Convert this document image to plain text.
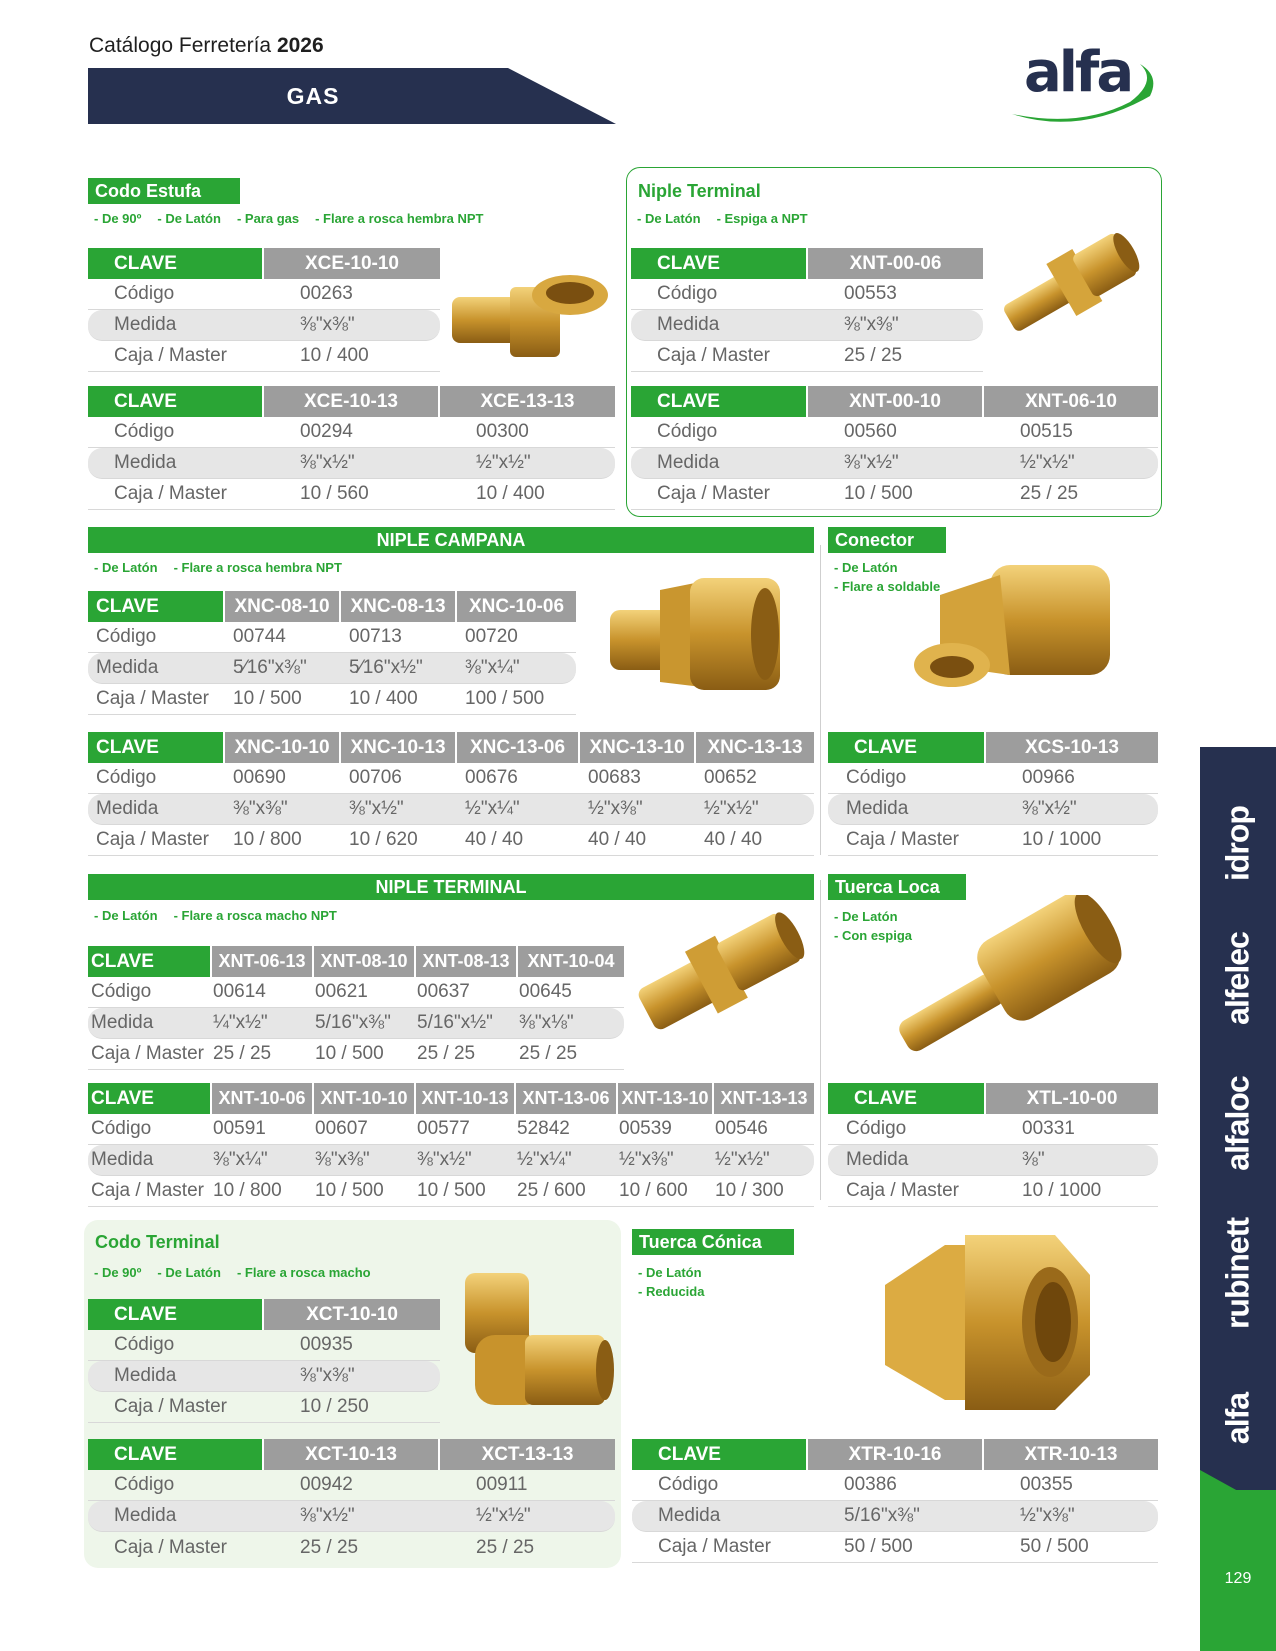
Catálogo Ferretería 2026
GAS	alfa
Codo Estufa
- De 90º - De Latón - Para gas - Flare a rosca hembra NPT
CLAVE	XCE-10-10
Código	00263
Medida	⅜"x⅜"
Caja / Master	10 / 400
CLAVE	XCE-10-13	XCE-13-13
Código	00294	00300
Medida	⅜"x½"	½"x½"
Caja / Master	10 / 560	10 / 400
Niple Terminal
- De Latón - Espiga a NPT
CLAVE	XNT-00-06
Código	00553
Medida	⅜"x⅜"
Caja / Master	25 / 25
CLAVE	XNT-00-10	XNT-06-10
Código	00560	00515
Medida	⅜"x½"	½"x½"
Caja / Master	10 / 500	25 / 25
NIPLE CAMPANA
- De Latón - Flare a rosca hembra NPT
CLAVE	XNC-08-10	XNC-08-13	XNC-10-06
Código	00744	00713	00720
Medida	5⁄16"x⅜"	5⁄16"x½"	⅜"x¼"
Caja / Master	10 / 500	10 / 400	100 / 500
CLAVE	XNC-10-10	XNC-10-13	XNC-13-06	XNC-13-10	XNC-13-13
Código	00690	00706	00676	00683	00652
Medida	⅜"x⅜"	⅜"x½"	½"x¼"	½"x⅜"	½"x½"
Caja / Master	10 / 800	10 / 620	40 / 40	40 / 40	40 / 40
Conector
- De Latón
- Flare a soldable
CLAVE	XCS-10-13
Código	00966
Medida	⅜"x½"
Caja / Master	10 / 1000
NIPLE TERMINAL
- De Latón - Flare a rosca macho NPT
CLAVE	XNT-06-13	XNT-08-10	XNT-08-13	XNT-10-04
Código	00614	00621	00637	00645
Medida	¼"x½"	5/16"x⅜"	5/16"x½"	⅜"x⅛"
Caja / Master	25 / 25	10 / 500	25 / 25	25 / 25
CLAVE	XNT-10-06	XNT-10-10	XNT-10-13	XNT-13-06	XNT-13-10	XNT-13-13
Código	00591	00607	00577	52842	00539	00546
Medida	⅜"x¼"	⅜"x⅜"	⅜"x½"	½"x¼"	½"x⅜"	½"x½"
Caja / Master	10 / 800	10 / 500	10 / 500	25 / 600	10 / 600	10 / 300
Tuerca Loca
- De Latón
- Con espiga
CLAVE	XTL-10-00
Código	00331
Medida	⅜"
Caja / Master	10 / 1000
Codo Terminal
- De 90º - De Latón - Flare a rosca macho
CLAVE	XCT-10-10
Código	00935
Medida	⅜"x⅜"
Caja / Master	10 / 250
CLAVE	XCT-10-13	XCT-13-13
Código	00942	00911
Medida	⅜"x½"	½"x½"
Caja / Master	25 / 25	25 / 25
Tuerca Cónica
- De Latón
- Reducida
CLAVE	XTR-10-16	XTR-10-13
Código	00386	00355
Medida	5/16"x⅜"	½"x⅜"
Caja / Master	50 / 500	50 / 500
idrop
alfelec
alfaloc
rubinett
alfa
129
